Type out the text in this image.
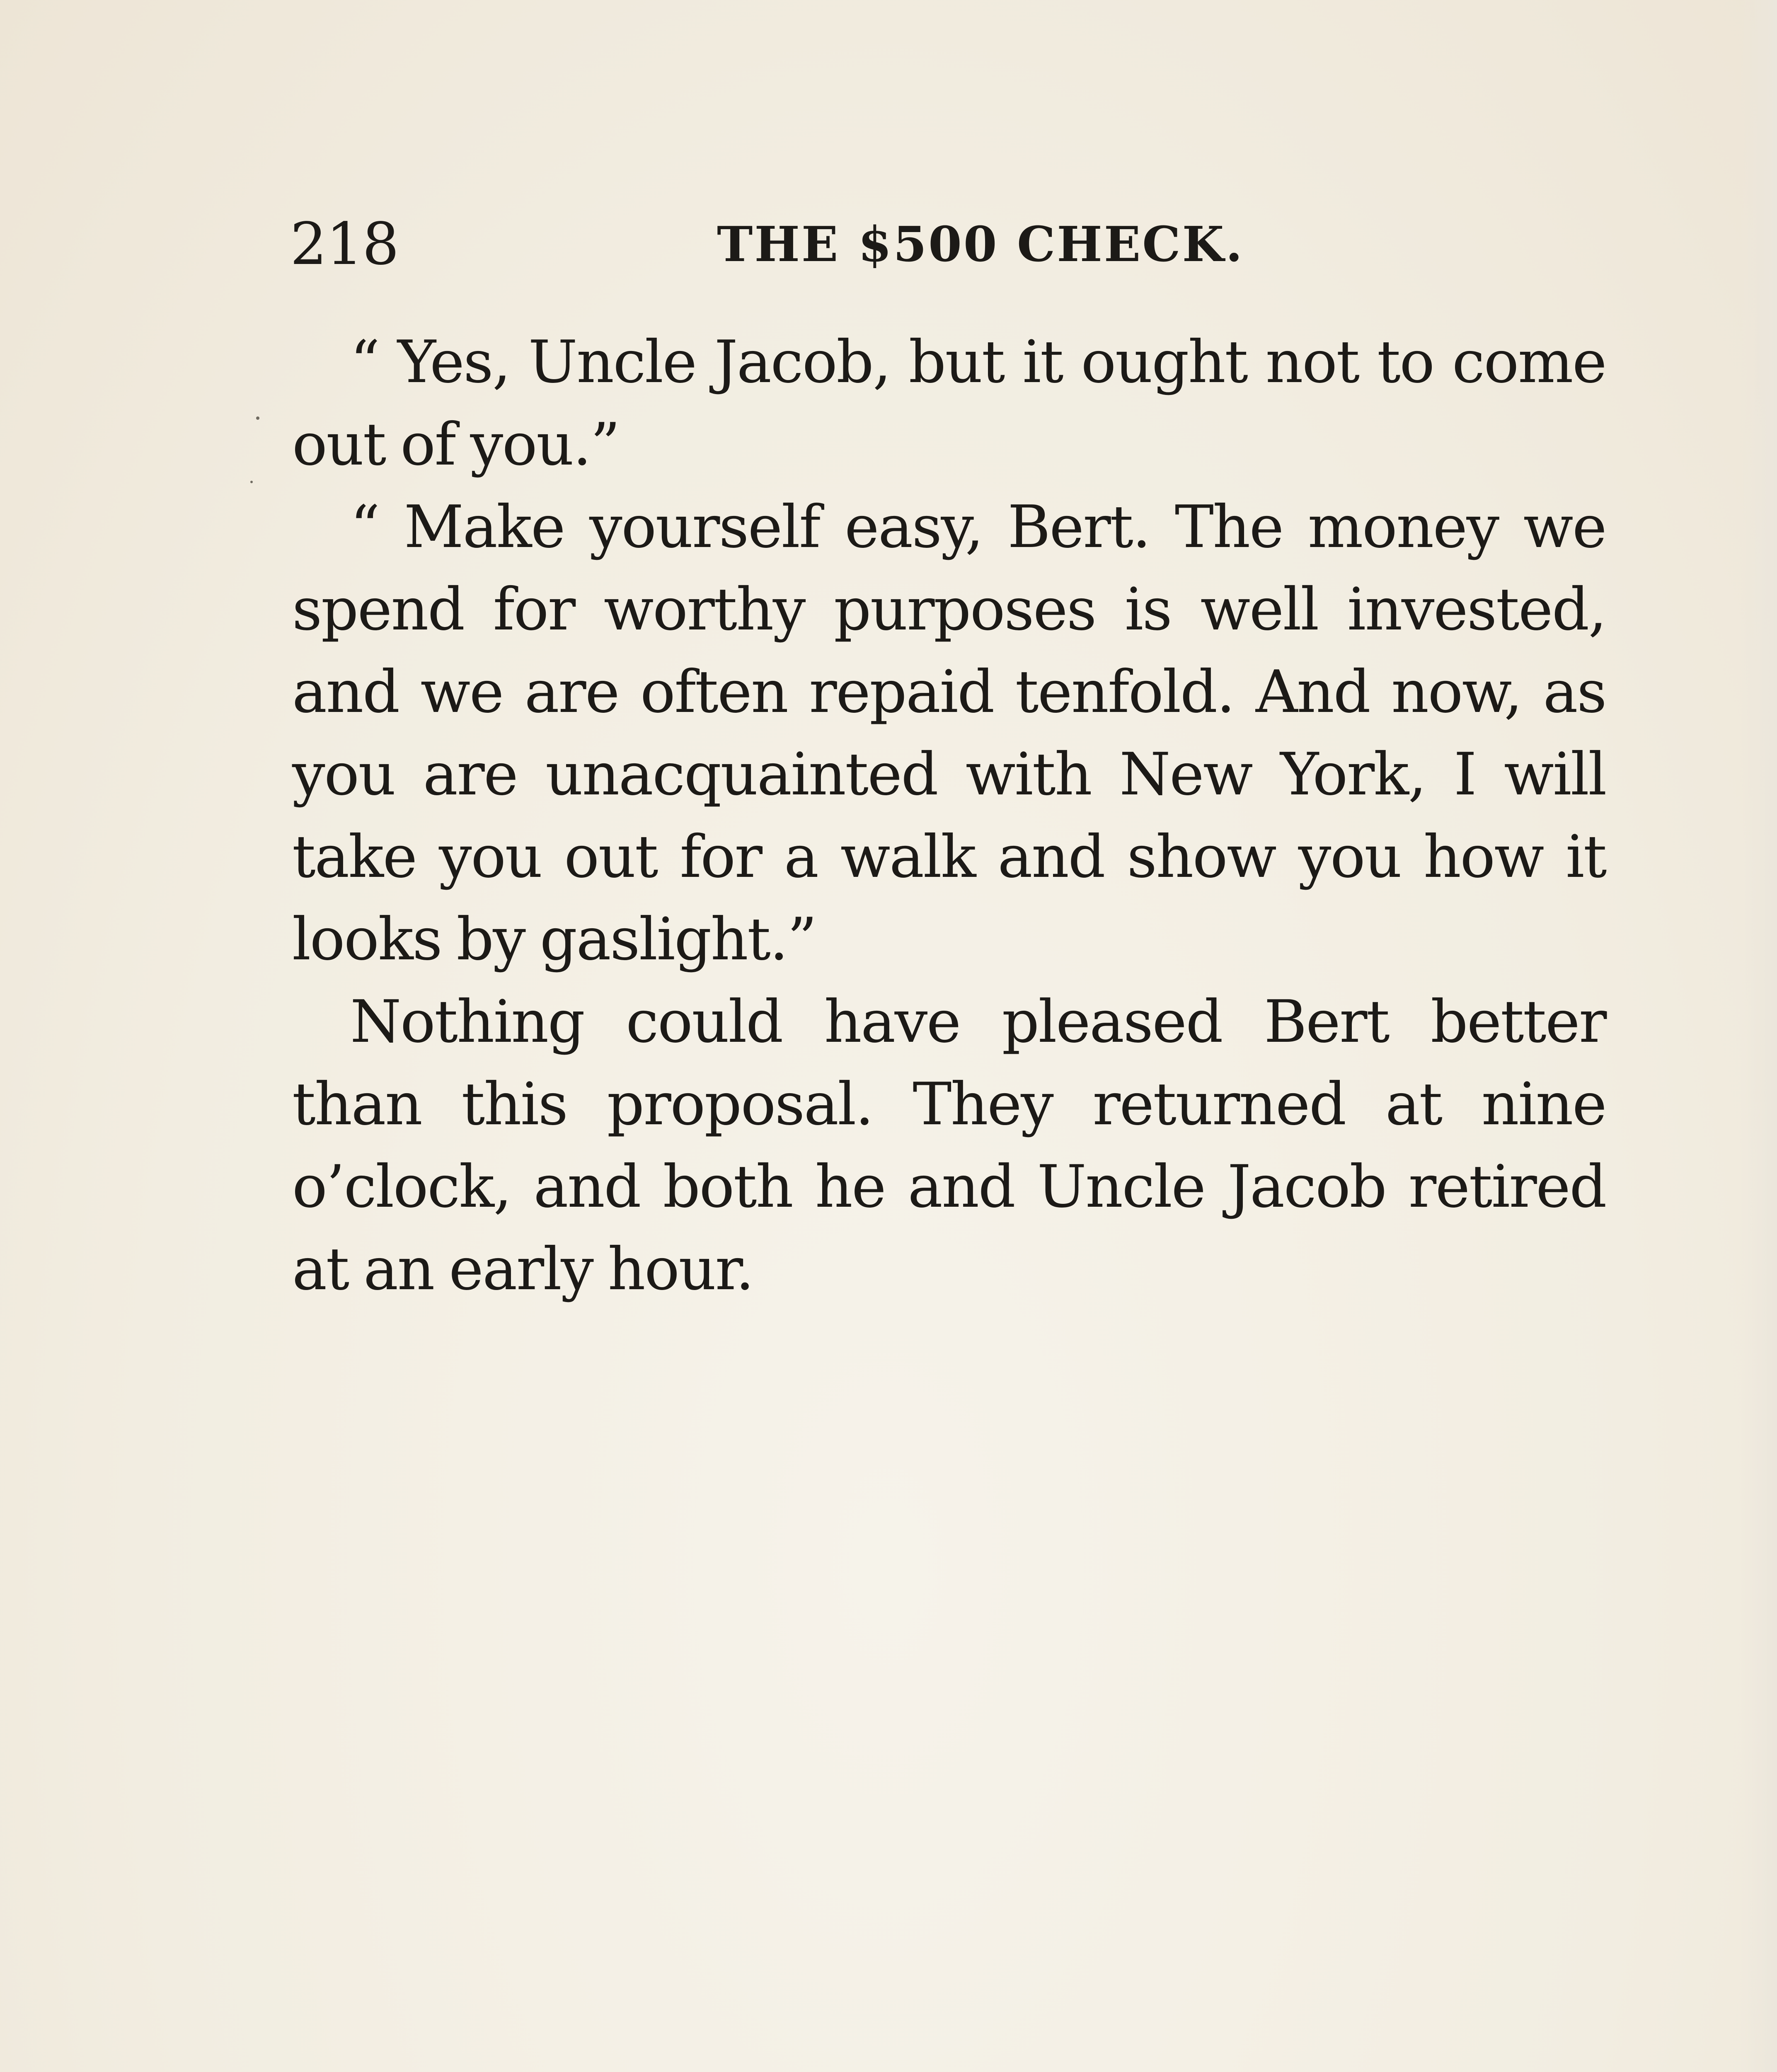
218	THE $500 CHECK.

“ Yes, Uncle Jacob, but it ought not to come out of you.”

“ Make yourself easy, Bert. The money we spend for worthy purposes is well invested, and we are often repaid tenfold. And now, as you are unacquainted with New York, I will take you out for a walk and show you how it looks by gaslight.”

Nothing could have pleased Bert better than this proposal. They returned at nine o’clock, and both he and Uncle Jacob retired at an early hour.
